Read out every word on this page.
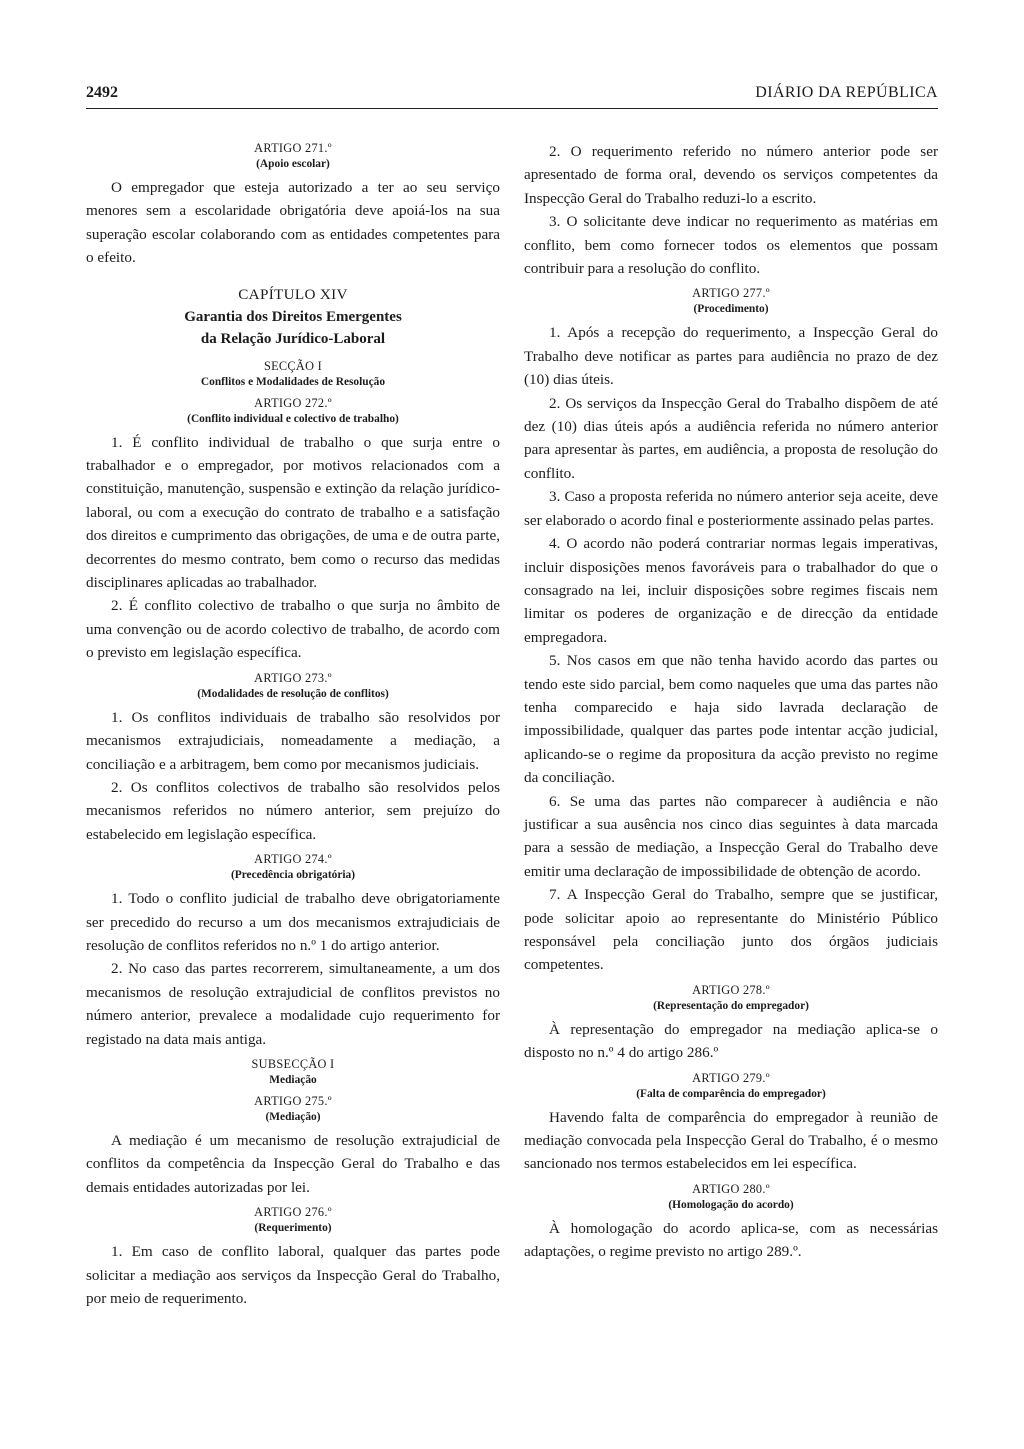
2492	DIÁRIO DA REPÚBLICA
ARTIGO 271.º
(Apoio escolar)

O empregador que esteja autorizado a ter ao seu serviço menores sem a escolaridade obrigatória deve apoiá-los na sua superação escolar colaborando com as entidades competentes para o efeito.

CAPÍTULO XIV
Garantia dos Direitos Emergentes
da Relação Jurídico-Laboral
SECÇÃO I
Conflitos e Modalidades de Resolução
ARTIGO 272.º
(Conflito individual e colectivo de trabalho)

1. É conflito individual de trabalho o que surja entre o trabalhador e o empregador, por motivos relacionados com a constituição, manutenção, suspensão e extinção da relação jurídico-laboral, ou com a execução do contrato de trabalho e a satisfação dos direitos e cumprimento das obrigações, de uma e de outra parte, decorrentes do mesmo contrato, bem como o recurso das medidas disciplinares aplicadas ao trabalhador.

2. É conflito colectivo de trabalho o que surja no âmbito de uma convenção ou de acordo colectivo de trabalho, de acordo com o previsto em legislação específica.

ARTIGO 273.º
(Modalidades de resolução de conflitos)

1. Os conflitos individuais de trabalho são resolvidos por mecanismos extrajudiciais, nomeadamente a mediação, a conciliação e a arbitragem, bem como por mecanismos judiciais.

2. Os conflitos colectivos de trabalho são resolvidos pelos mecanismos referidos no número anterior, sem prejuízo do estabelecido em legislação específica.

ARTIGO 274.º
(Precedência obrigatória)

1. Todo o conflito judicial de trabalho deve obrigatoriamente ser precedido do recurso a um dos mecanismos extrajudiciais de resolução de conflitos referidos no n.º 1 do artigo anterior.

2. No caso das partes recorrerem, simultaneamente, a um dos mecanismos de resolução extrajudicial de conflitos previstos no número anterior, prevalece a modalidade cujo requerimento for registado na data mais antiga.

SUBSECÇÃO I
Mediação
ARTIGO 275.º
(Mediação)

A mediação é um mecanismo de resolução extrajudicial de conflitos da competência da Inspecção Geral do Trabalho e das demais entidades autorizadas por lei.

ARTIGO 276.º
(Requerimento)

1. Em caso de conflito laboral, qualquer das partes pode solicitar a mediação aos serviços da Inspecção Geral do Trabalho, por meio de requerimento.

2. O requerimento referido no número anterior pode ser apresentado de forma oral, devendo os serviços competentes da Inspecção Geral do Trabalho reduzi-lo a escrito.

3. O solicitante deve indicar no requerimento as matérias em conflito, bem como fornecer todos os elementos que possam contribuir para a resolução do conflito.

ARTIGO 277.º
(Procedimento)

1. Após a recepção do requerimento, a Inspecção Geral do Trabalho deve notificar as partes para audiência no prazo de dez (10) dias úteis.

2. Os serviços da Inspecção Geral do Trabalho dispõem de até dez (10) dias úteis após a audiência referida no número anterior para apresentar às partes, em audiência, a proposta de resolução do conflito.

3. Caso a proposta referida no número anterior seja aceite, deve ser elaborado o acordo final e posteriormente assinado pelas partes.

4. O acordo não poderá contrariar normas legais imperativas, incluir disposições menos favoráveis para o trabalhador do que o consagrado na lei, incluir disposições sobre regimes fiscais nem limitar os poderes de organização e de direcção da entidade empregadora.

5. Nos casos em que não tenha havido acordo das partes ou tendo este sido parcial, bem como naqueles que uma das partes não tenha comparecido e haja sido lavrada declaração de impossibilidade, qualquer das partes pode intentar acção judicial, aplicando-se o regime da propositura da acção previsto no regime da conciliação.

6. Se uma das partes não comparecer à audiência e não justificar a sua ausência nos cinco dias seguintes à data marcada para a sessão de mediação, a Inspecção Geral do Trabalho deve emitir uma declaração de impossibilidade de obtenção de acordo.

7. A Inspecção Geral do Trabalho, sempre que se justificar, pode solicitar apoio ao representante do Ministério Público responsável pela conciliação junto dos órgãos judiciais competentes.

ARTIGO 278.º
(Representação do empregador)

À representação do empregador na mediação aplica-se o disposto no n.º 4 do artigo 286.º

ARTIGO 279.º
(Falta de comparência do empregador)

Havendo falta de comparência do empregador à reunião de mediação convocada pela Inspecção Geral do Trabalho, é o mesmo sancionado nos termos estabelecidos em lei específica.

ARTIGO 280.º
(Homologação do acordo)

À homologação do acordo aplica-se, com as necessárias adaptações, o regime previsto no artigo 289.º.
